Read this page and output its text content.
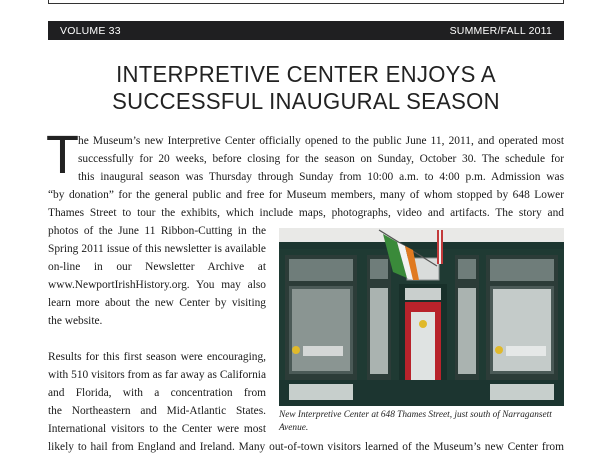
VOLUME 33	SUMMER/FALL 2011
INTERPRETIVE CENTER ENJOYS A
SUCCESSFUL INAUGURAL SEASON
T he Museum’s new Interpretive Center officially opened to the public June 11, 2011, and operated most
successfully for 20 weeks, before closing for the season on Sunday, October 30. The schedule for
this inaugural season was Thursday through Sunday from 10:00 a.m. to 4:00 p.m. Admission was
“by donation” for the general public and free for Museum members, many of whom stopped by 648 Lower
Thames Street to tour the exhibits, which include maps, photographs, video and artifacts. The story and
photos of the June 11 Ribbon-Cutting in the
Spring 2011 issue of this newsletter is available
on-line in our Newsletter Archive at
www.NewportIrishHistory.org. You may also
learn more about the new Center by visiting
the website.
Results for this first season were encouraging,
with 510 visitors from as far away as California
and Florida, with a concentration from
the Northeastern and Mid-Atlantic States.
International visitors to the Center were most
likely to hail from England and Ireland. Many out-of-town visitors learned of the Museum’s new Center from
New Interpretive Center at 648 Thames Street, just south of Narragansett Avenue.
